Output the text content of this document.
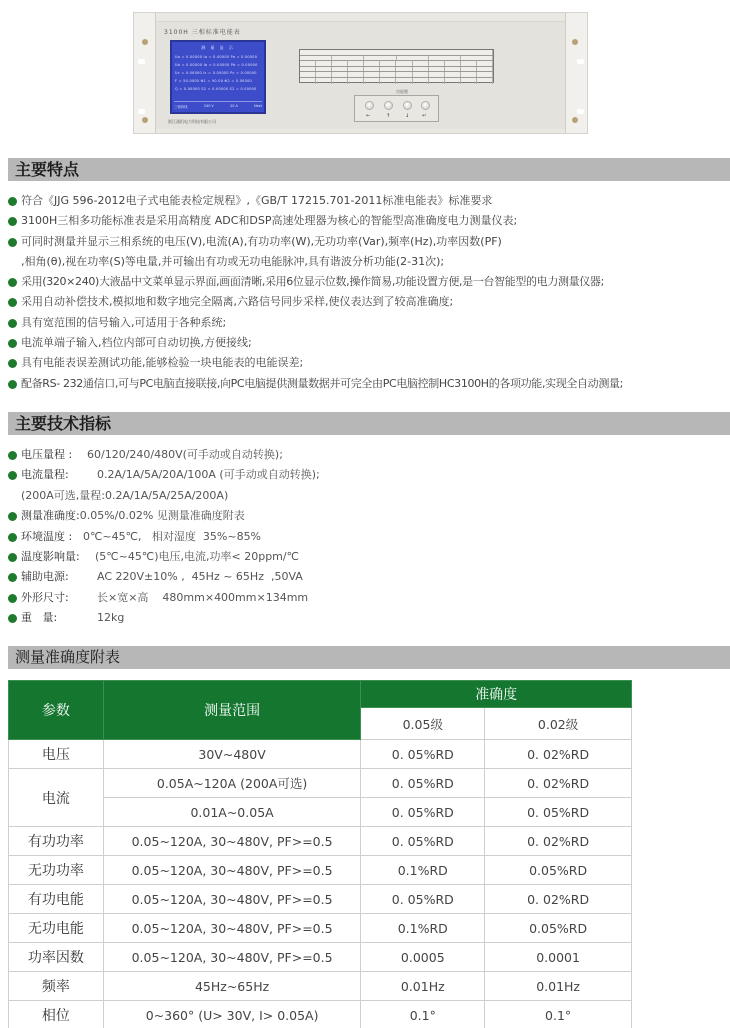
3100H 三相标准电能表
测 量 显 示
Ua = 0.00000 Ia = 0.00000 Pa = 0.00000
Ub = 0.00000 Ib = 0.00000 Pb = 0.00000
Uc = 0.00000 Ic = 0.00000 Pc = 0.00000
F = 50.0000 Φ1 = 90.00 Φ2 = 0.00000
Q = 0.00000 S1 = 0.00000 S2 = 0.00000
三相四线	240 V	20 A	Next
功能键
←	↑	↓	↵
浙江涌恒电力科技有限公司
主要特点
符合《JJG 596-2012电子式电能表检定规程》,《GB/T 17215.701-2011标准电能表》标准要求
3100H三相多功能标准表是采用高精度 ADC和DSP高速处理器为核心的智能型高准确度电力测量仪表;
可同时测量并显示三相系统的电压(V),电流(A),有功功率(W),无功功率(Var),频率(Hz),功率因数(PF)
,相角(θ),视在功率(S)等电量,并可输出有功或无功电能脉冲,具有谐波分析功能(2-31次);
采用(320×240)大液晶中文菜单显示界面,画面清晰,采用6位显示位数,操作简易,功能设置方便,是一台智能型的电力测量仪器;
采用自动补偿技术,模拟地和数字地完全隔离,六路信号同步采样,使仪表达到了较高准确度;
具有宽范围的信号输入,可适用于各种系统;
电流单端子输入,档位内部可自动切换,方便接线;
具有电能表误差测试功能,能够检验一块电能表的电能误差;
配备RS- 232通信口,可与PC电脑直接联接,向PC电脑提供测量数据并可完全由PC电脑控制HC3100H的各项功能,实现全自动测量;
主要技术指标
电压量程 : 60/120/240/480V(可手动或自动转换);
电流量程:	0.2A/1A/5A/20A/100A (可手动或自动转换);
(200A可选,量程:0.2A/1A/5A/25A/200A)
测量准确度:0.05%/0.02% 见测量准确度附表
环境温度 : 0℃~45℃,   相对湿度  35%~85%
温度影响量: (5℃~45℃)电压,电流,功率< 20ppm/℃
辅助电源:	AC 220V±10% ,  45Hz ~ 65Hz  ,50VA
外形尺寸:	长×宽×高    480mm×400mm×134mm
重   量:	12kg
测量准确度附表
参数	测量范围	准确度	
		0.05级	0.02级
电压	30V~480V	0. 05%RD	0. 02%RD
电流	0.05A~120A (200A可选)	0. 05%RD	0. 02%RD
	0.01A~0.05A	0. 05%RD	0. 05%RD
有功功率	0.05~120A, 30~480V, PF>=0.5	0. 05%RD	0. 02%RD
无功功率	0.05~120A, 30~480V, PF>=0.5	0.1%RD	0.05%RD
有功电能	0.05~120A, 30~480V, PF>=0.5	0. 05%RD	0. 02%RD
无功电能	0.05~120A, 30~480V, PF>=0.5	0.1%RD	0.05%RD
功率因数	0.05~120A, 30~480V, PF>=0.5	0.0005	0.0001
频率	45Hz~65Hz	0.01Hz	0.01Hz
相位	0~360° (U> 30V, I> 0.05A)	0.1°	0.1°
